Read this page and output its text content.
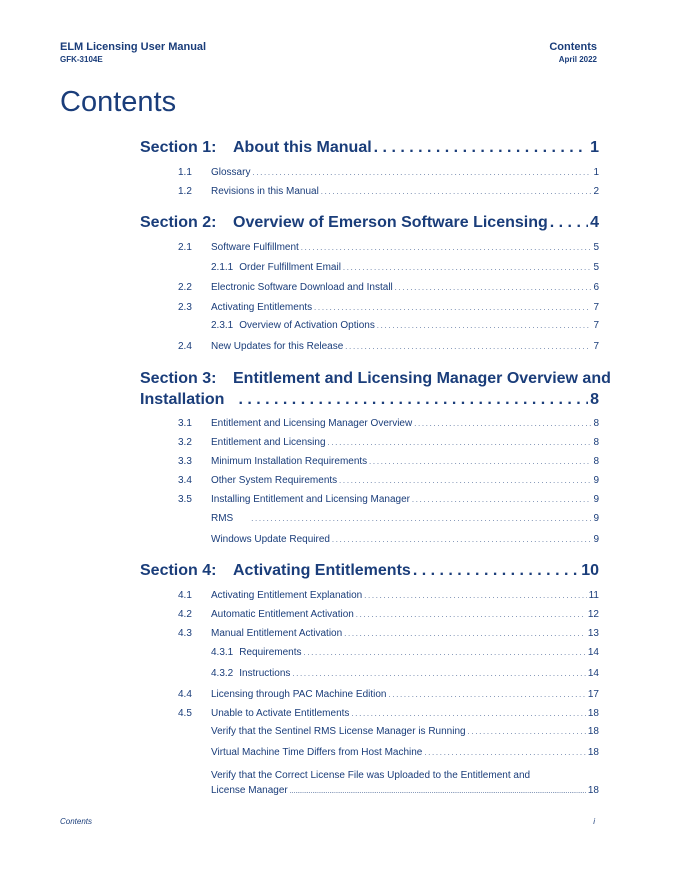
ELM Licensing User Manual
GFK-3104E
Contents
April 2022
Contents
Section 1:	About this Manual . . .	1
1.1	Glossary . . .	1
1.2	Revisions in this Manual . . .	2
Section 2:	Overview of Emerson Software Licensing . . .	4
2.1	Software Fulfillment . . .	5
2.1.1 Order Fulfillment Email . . .	5
2.2	Electronic Software Download and Install . . .	6
2.3	Activating Entitlements . . .	7
2.3.1 Overview of Activation Options . . .	7
2.4	New Updates for this Release . . .	7
Section 3:	Entitlement and Licensing Manager Overview and
Installation . . .	8
3.1	Entitlement and Licensing Manager Overview . . .	8
3.2	Entitlement and Licensing . . .	8
3.3	Minimum Installation Requirements . . .	8
3.4	Other System Requirements . . .	9
3.5	Installing Entitlement and Licensing Manager . . .	9
RMS . . .	9
Windows Update Required . . .	9
Section 4:	Activating Entitlements . . .	10
4.1	Activating Entitlement Explanation . . .	11
4.2	Automatic Entitlement Activation . . .	12
4.3	Manual Entitlement Activation . . .	13
4.3.1 Requirements . . .	14
4.3.2 Instructions . . .	14
4.4	Licensing through PAC Machine Edition . . .	17
4.5	Unable to Activate Entitlements . . .	18
Verify that the Sentinel RMS License Manager is Running . . .	18
Virtual Machine Time Differs from Host Machine . . .	18
Verify that the Correct License File was Uploaded to the Entitlement and
License Manager . . .	18
Contents	i
